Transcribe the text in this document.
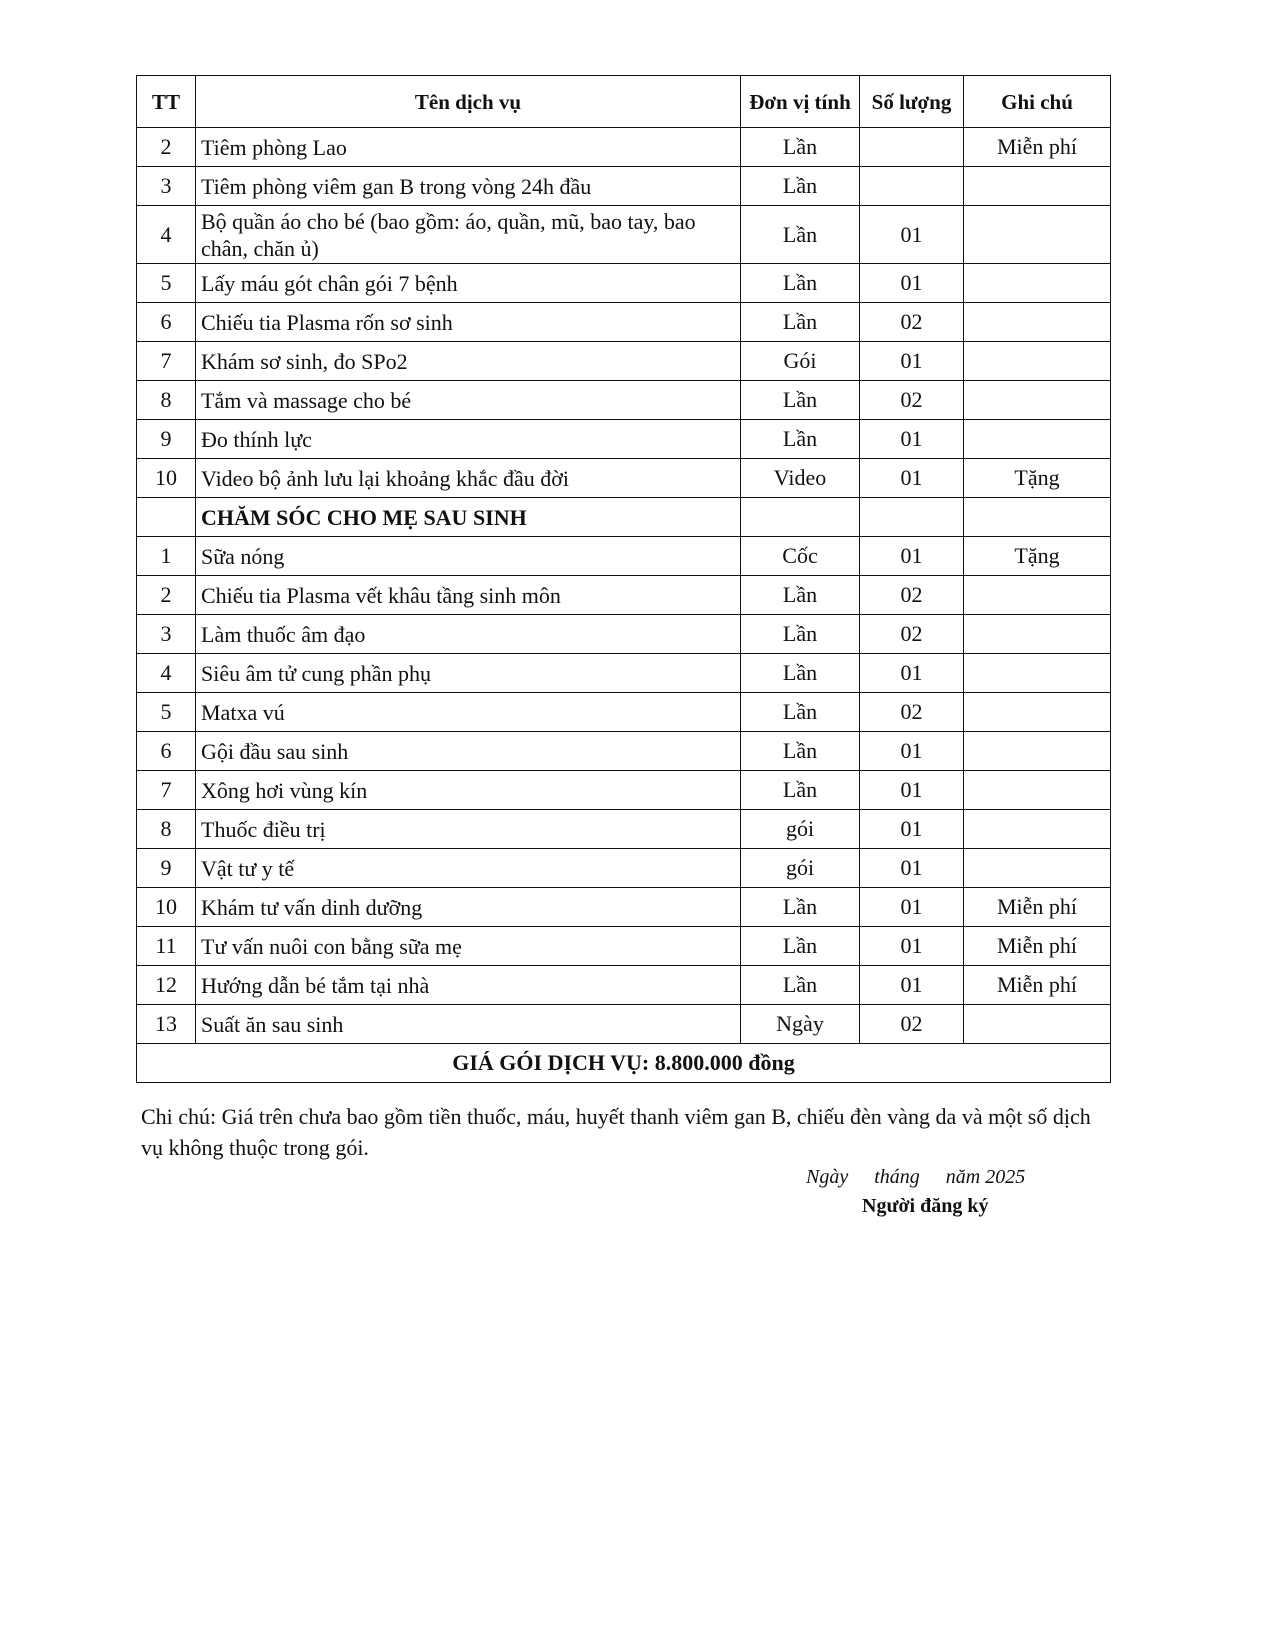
TT	Tên dịch vụ	Đơn vị tính	Số lượng	Ghi chú
2	Tiêm phòng Lao	Lần		Miễn phí
3	Tiêm phòng viêm gan B trong vòng 24h đầu	Lần		
4	Bộ quần áo cho bé (bao gồm: áo, quần, mũ, bao tay, bao chân, chăn ủ)	Lần	01	
5	Lấy máu gót chân gói 7 bệnh	Lần	01	
6	Chiếu tia Plasma rốn sơ sinh	Lần	02	
7	Khám sơ sinh, đo SPo2	Gói	01	
8	Tắm và massage cho bé	Lần	02	
9	Đo thính lực	Lần	01	
10	Video bộ ảnh lưu lại khoảng khắc đầu đời	Video	01	Tặng
	CHĂM SÓC CHO MẸ SAU SINH			
1	Sữa nóng	Cốc	01	Tặng
2	Chiếu tia Plasma vết khâu tầng sinh môn	Lần	02	
3	Làm thuốc âm đạo	Lần	02	
4	Siêu âm tử cung phần phụ	Lần	01	
5	Matxa vú	Lần	02	
6	Gội đầu sau sinh	Lần	01	
7	Xông hơi vùng kín	Lần	01	
8	Thuốc điều trị	gói	01	
9	Vật tư y tế	gói	01	
10	Khám tư vấn dinh dưỡng	Lần	01	Miễn phí
11	Tư vấn nuôi con bằng sữa mẹ	Lần	01	Miễn phí
12	Hướng dẫn bé tắm tại nhà	Lần	01	Miễn phí
13	Suất ăn sau sinh	Ngày	02	
GIÁ GÓI DỊCH VỤ: 8.800.000 đồng				
Chi chú: Giá trên chưa bao gồm tiền thuốc, máu, huyết thanh viêm gan B, chiếu đèn vàng da và một số dịch vụ không thuộc trong gói.
Ngày tháng năm 2025
Người đăng ký
